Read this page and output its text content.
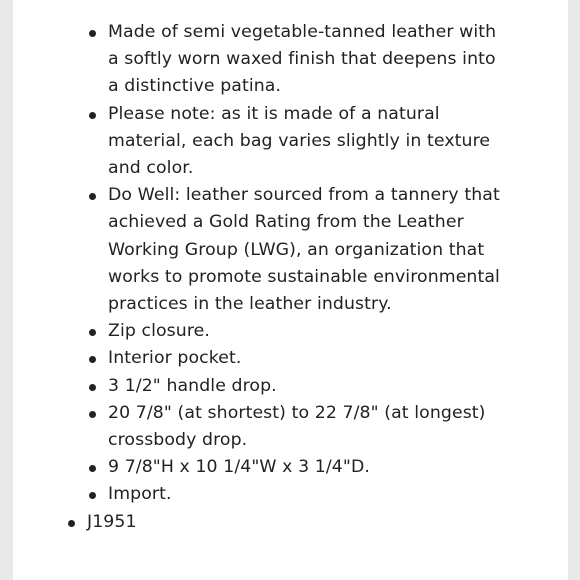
Made of semi vegetable-tanned leather with a softly worn waxed finish that deepens into a distinctive patina.
Please note: as it is made of a natural material, each bag varies slightly in texture and color.
Do Well: leather sourced from a tannery that achieved a Gold Rating from the Leather Working Group (LWG), an organization that works to promote sustainable environmental practices in the leather industry.
Zip closure.
Interior pocket.
3 1/2" handle drop.
20 7/8" (at shortest) to 22 7/8" (at longest) crossbody drop.
9 7/8"H x 10 1/4"W x 3 1/4"D.
Import.
J1951
